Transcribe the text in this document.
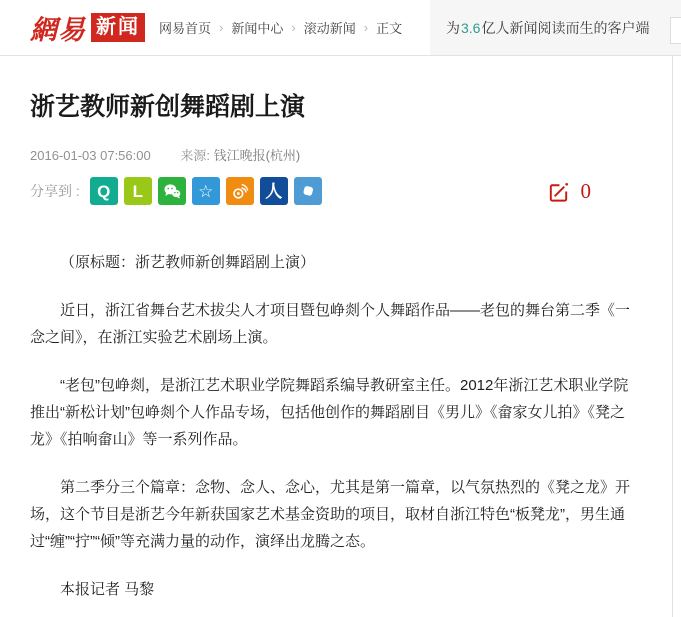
網易 新闻	网易首页 › 新闻中心 › 滚动新闻 › 正文	为3.6亿人新闻阅读而生的客户端
浙艺教师新创舞蹈剧上演
2016-01-03 07:56:00 来源: 钱江晚报(杭州)
分享到 :	Q	L	☆	人	0

（原标题：浙艺教师新创舞蹈剧上演）

近日，浙江省舞台艺术拔尖人才项目暨包峥剡个人舞蹈作品——老包的舞台第二季《一念之间》，在浙江实验艺术剧场上演。

“老包”包峥剡，是浙江艺术职业学院舞蹈系编导教研室主任。2012年浙江艺术职业学院推出“新松计划”包峥剡个人作品专场，包括他创作的舞蹈剧目《男儿》《畲家女儿拍》《凳之龙》《拍响畲山》等一系列作品。

第二季分三个篇章：念物、念人、念心，尤其是第一篇章，以气氛热烈的《凳之龙》开场，这个节目是浙艺今年新获国家艺术基金资助的项目，取材自浙江特色“板凳龙”，男生通过“缠”“拧”“倾”等充满力量的动作，演绎出龙腾之态。

本报记者 马黎
